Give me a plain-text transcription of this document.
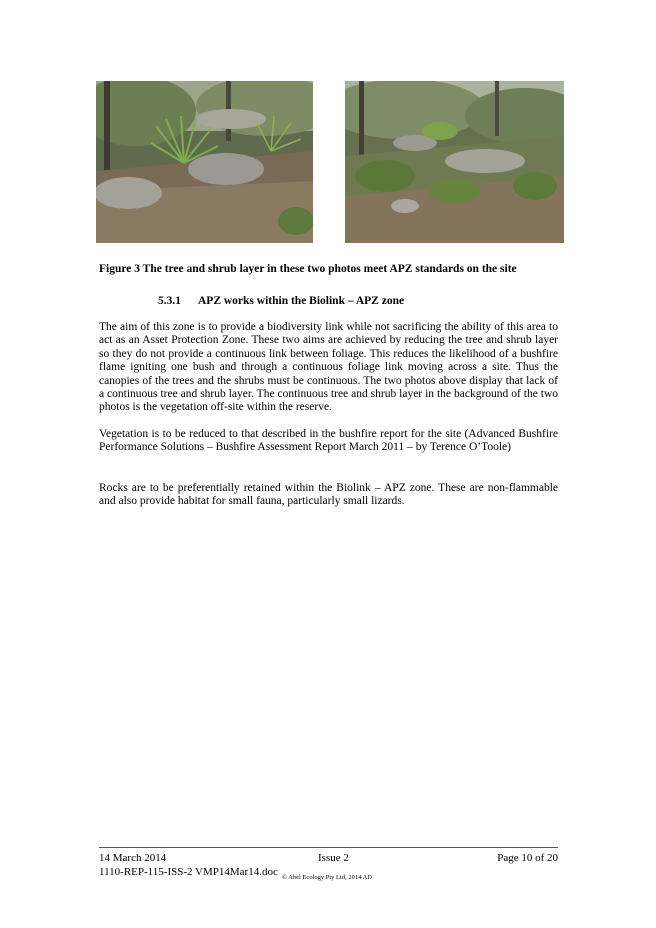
Figure 3 The tree and shrub layer in these two photos meet APZ standards on the site
5.3.1 APZ works within the Biolink – APZ zone

The aim of this zone is to provide a biodiversity link while not sacrificing the ability of this area to act as an Asset Protection Zone. These two aims are achieved by reducing the tree and shrub layer so they do not provide a continuous link between foliage. This reduces the likelihood of a bushfire flame igniting one bush and through a continuous foliage link moving across a site. Thus the canopies of the trees and the shrubs must be continuous. The two photos above display that lack of a continuous tree and shrub layer. The continuous tree and shrub layer in the background of the two photos is the vegetation off-site within the reserve.

Vegetation is to be reduced to that described in the bushfire report for the site (Advanced Bushfire Performance Solutions – Bushfire Assessment Report March 2011 – by Terence O’Toole)

Rocks are to be preferentially retained within the Biolink – APZ zone. These are non-flammable and also provide habitat for small fauna, particularly small lizards.

14 March 2014	Issue 2	Page 10 of 20
1110-REP-115-ISS-2 VMP14Mar14.doc © Abel Ecology Pty Ltd, 2014 AD
